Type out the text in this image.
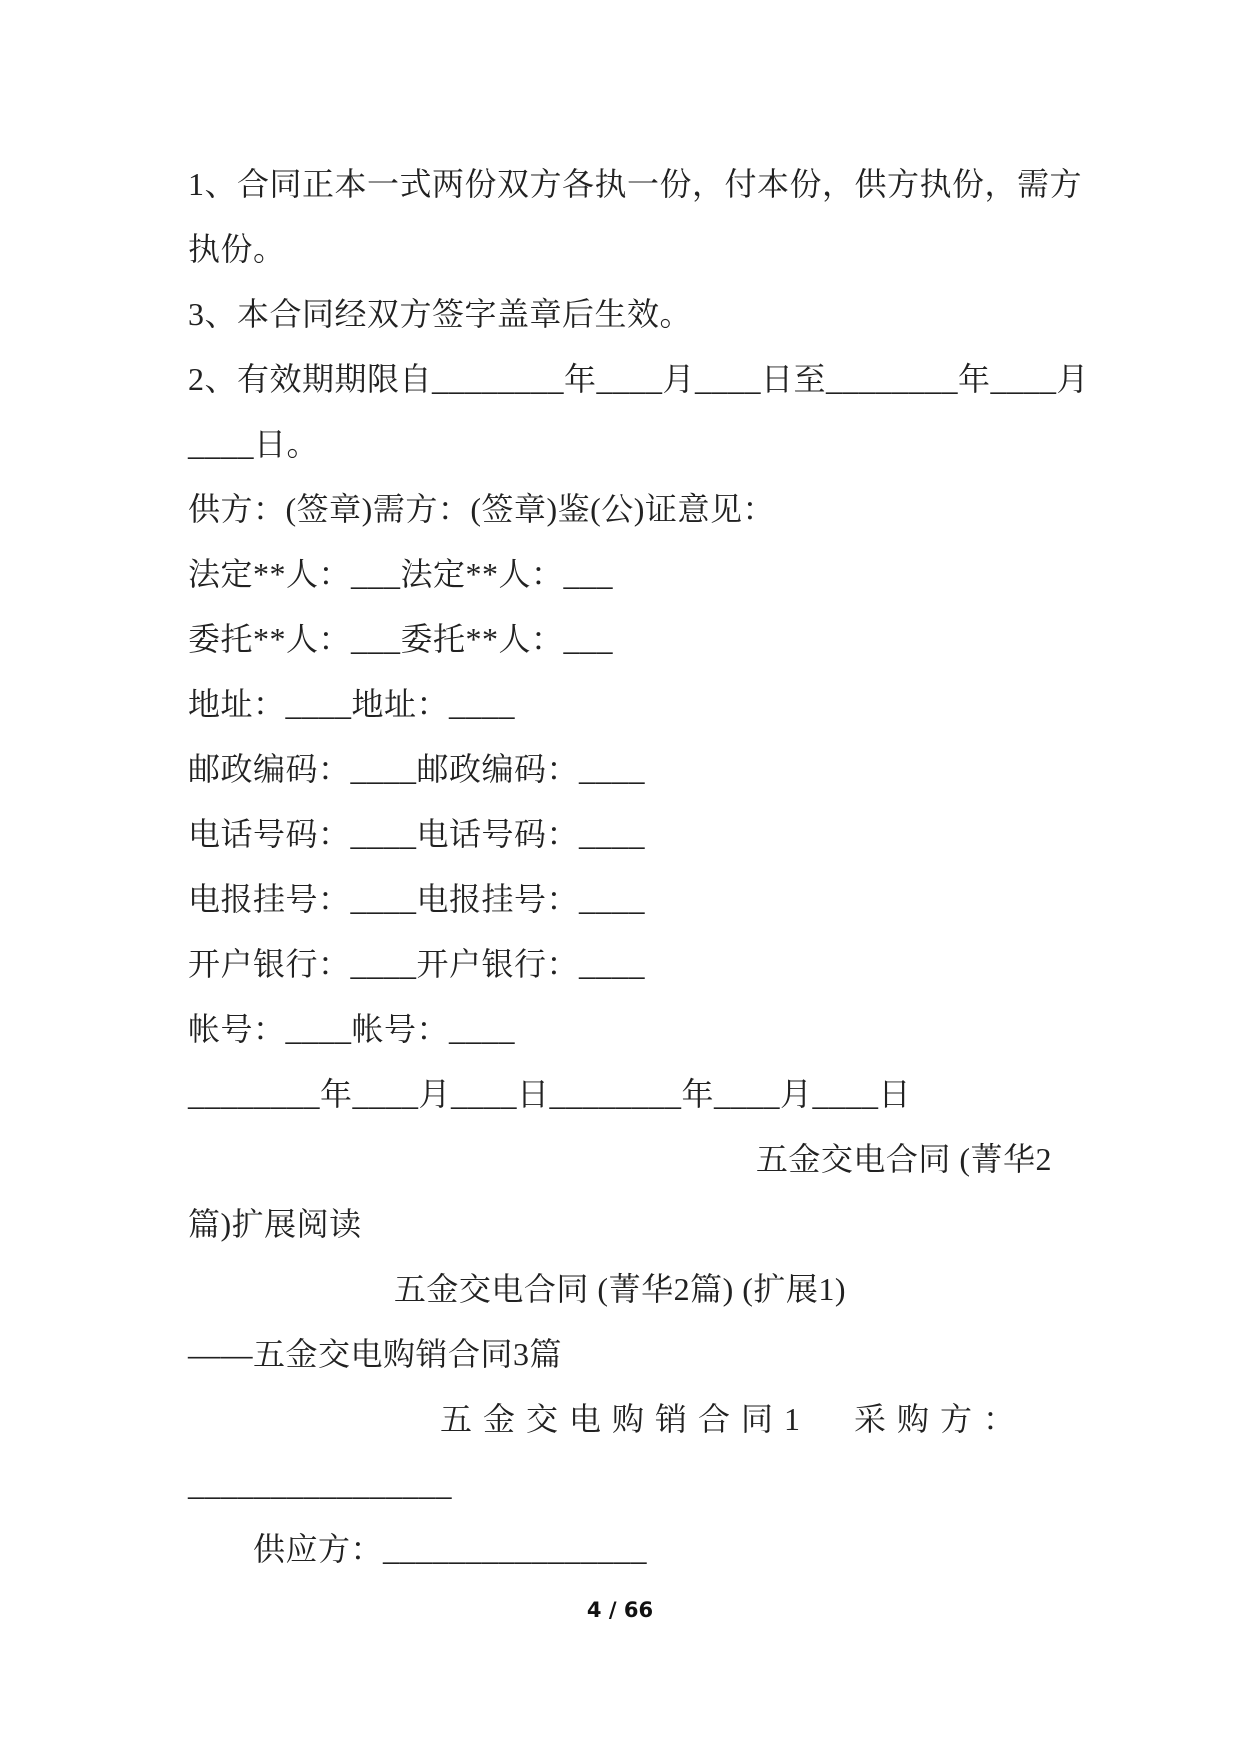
1、合同正本一式两份双方各执一份，付本份，供方执份，需方
执份。
3、本合同经双方签字盖章后生效。
2、有效期期限自________年____月____日至________年____月
____日。
供方：(签章)需方：(签章)鉴(公)证意见：
法定**人：___法定**人：___
委托**人：___委托**人：___
地址：____地址：____
邮政编码：____邮政编码：____
电话号码：____电话号码：____
电报挂号：____电报挂号：____
开户银行：____开户银行：____
帐号：____帐号：____
________年____月____日________年____月____日
五金交电合同 (菁华2
篇)扩展阅读
五金交电合同 (菁华2篇) (扩展1)
——五金交电购销合同3篇
五金交电购销合同1　采购方：
________________
供应方：________________
4 / 66
